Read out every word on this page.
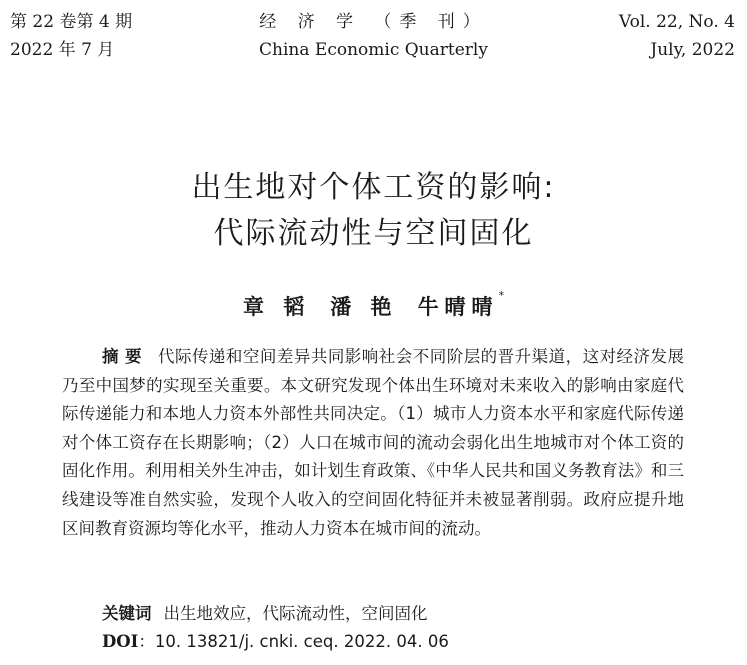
第 22 卷第 4 期
2022 年 7 月
经 济 学 （季 刊）
China Economic Quarterly
Vol. 22, No. 4
July, 2022
出生地对个体工资的影响:
代际流动性与空间固化
章 韬 潘 艳 牛晴晴*
摘要 代际传递和空间差异共同影响社会不同阶层的晋升渠道，这对经济发展乃至中国梦的实现至关重要。本文研究发现个体出生环境对未来收入的影响由家庭代际传递能力和本地人力资本外部性共同决定。（1）城市人力资本水平和家庭代际传递对个体工资存在长期影响；（2）人口在城市间的流动会弱化出生地城市对个体工资的固化作用。利用相关外生冲击，如计划生育政策、《中华人民共和国义务教育法》和三线建设等准自然实验，发现个人收入的空间固化特征并未被显著削弱。政府应提升地区间教育资源均等化水平，推动人力资本在城市间的流动。
关键词 出生地效应，代际流动性，空间固化
DOI：10. 13821/j. cnki. ceq. 2022. 04. 06
